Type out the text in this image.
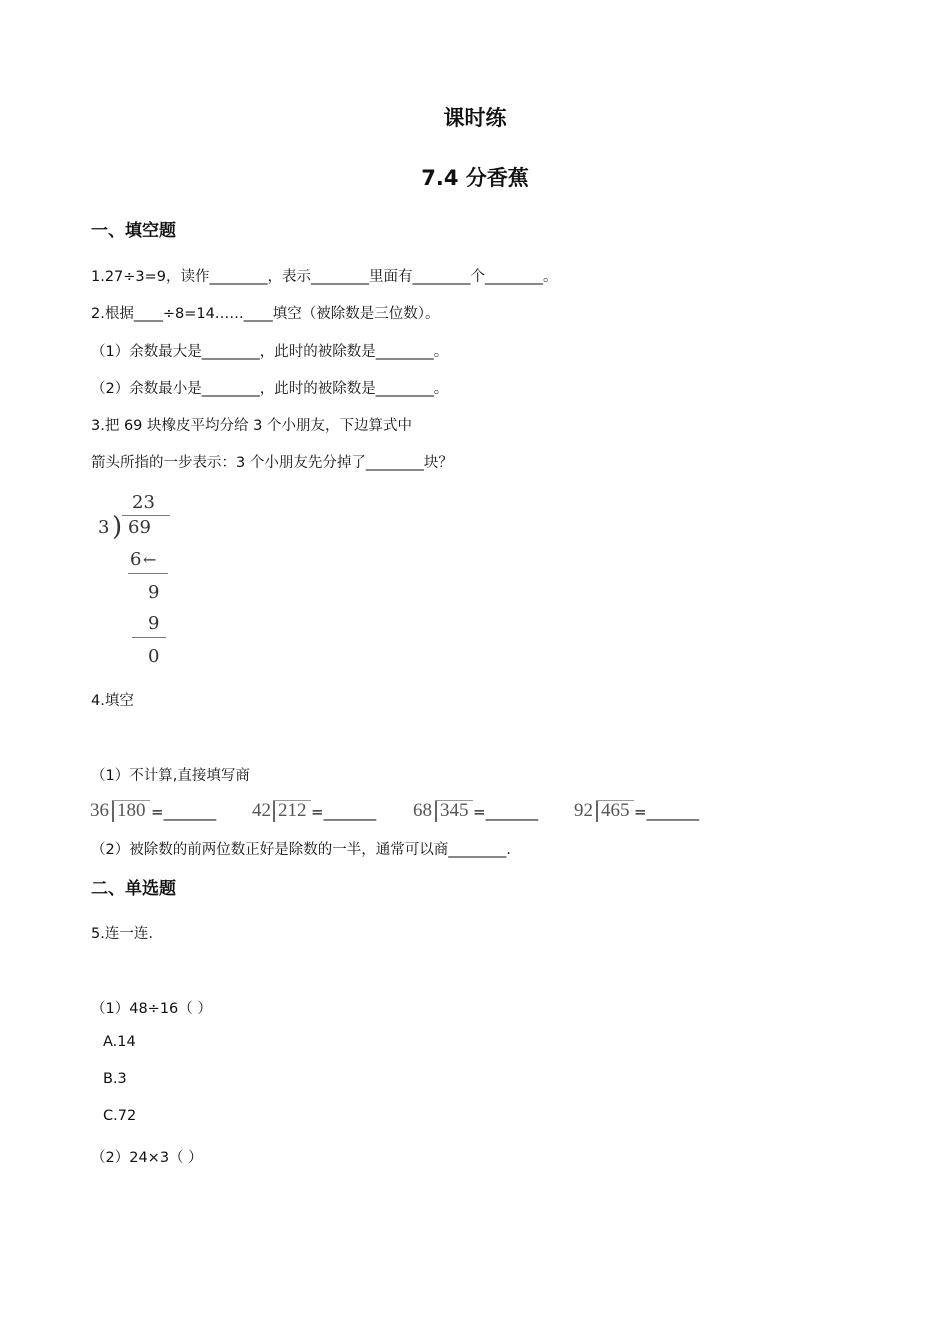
课时练
7.4 分香蕉
一、填空题
1.27÷3=9，读作________，表示________里面有________个________。
2.根据____÷8=14……____填空（被除数是三位数）。
（1）余数最大是________，此时的被除数是________。
（2）余数最小是________，此时的被除数是________。
3.把 69 块橡皮平均分给 3 个小朋友，下边算式中
箭头所指的一步表示：3 个小朋友先分掉了________块？
23
3 ) 69
6 ←
9
9
0
4.填空
（1）不计算,直接填写商
36 180 =_______ 42 212 =_______ 68 345 =_______ 92 465 =_______
（2）被除数的前两位数正好是除数的一半，通常可以商________.
二、单选题
5.连一连.
（1）48÷16（ ）
A.14
B.3
C.72
（2）24×3（ ）
